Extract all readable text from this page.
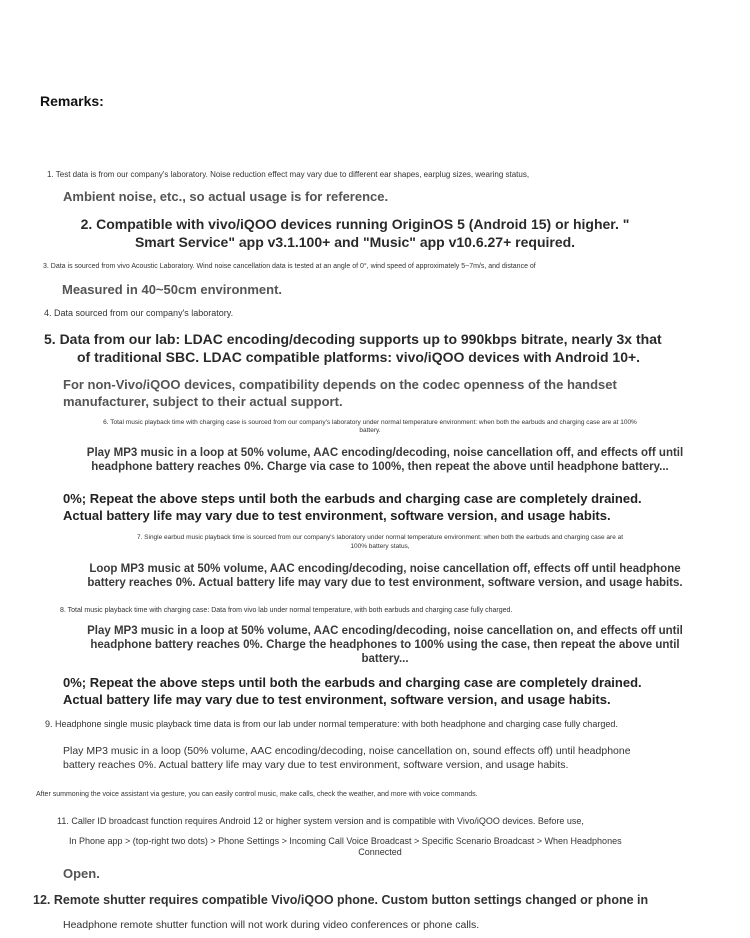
Remarks:

1. Test data is from our company's laboratory. Noise reduction effect may vary due to different ear shapes, earplug sizes, wearing status,

Ambient noise, etc., so actual usage is for reference.

2. Compatible with vivo/iQOO devices running OriginOS 5 (Android 15) or higher. "

Smart Service" app v3.1.100+ and "Music" app v10.6.27+ required.

3. Data is sourced from vivo Acoustic Laboratory. Wind noise cancellation data is tested at an angle of 0°, wind speed of approximately 5~7m/s, and distance of

Measured in 40~50cm environment.

4. Data sourced from our company's laboratory.

5. Data from our lab: LDAC encoding/decoding supports up to 990kbps bitrate, nearly 3x that

of traditional SBC. LDAC compatible platforms: vivo/iQOO devices with Android 10+.

For non-Vivo/iQOO devices, compatibility depends on the codec openness of the handset

manufacturer, subject to their actual support.

6. Total music playback time with charging case is sourced from our company's laboratory under normal temperature environment: when both the earbuds and charging case are at 100%

battery.

Play MP3 music in a loop at 50% volume, AAC encoding/decoding, noise cancellation off, and effects off until

headphone battery reaches 0%. Charge via case to 100%, then repeat the above until headphone battery...

0%; Repeat the above steps until both the earbuds and charging case are completely drained.

Actual battery life may vary due to test environment, software version, and usage habits.

7. Single earbud music playback time is sourced from our company's laboratory under normal temperature environment: when both the earbuds and charging case are at

100% battery status,

Loop MP3 music at 50% volume, AAC encoding/decoding, noise cancellation off, effects off until headphone

battery reaches 0%. Actual battery life may vary due to test environment, software version, and usage habits.

8. Total music playback time with charging case: Data from vivo lab under normal temperature, with both earbuds and charging case fully charged.

Play MP3 music in a loop at 50% volume, AAC encoding/decoding, noise cancellation on, and effects off until

headphone battery reaches 0%. Charge the headphones to 100% using the case, then repeat the above until

battery...

0%; Repeat the above steps until both the earbuds and charging case are completely drained.

Actual battery life may vary due to test environment, software version, and usage habits.

9. Headphone single music playback time data is from our lab under normal temperature: with both headphone and charging case fully charged.

Play MP3 music in a loop (50% volume, AAC encoding/decoding, noise cancellation on, sound effects off) until headphone

battery reaches 0%. Actual battery life may vary due to test environment, software version, and usage habits.

After summoning the voice assistant via gesture, you can easily control music, make calls, check the weather, and more with voice commands.

11. Caller ID broadcast function requires Android 12 or higher system version and is compatible with Vivo/iQOO devices. Before use,

In Phone app > (top-right two dots) > Phone Settings > Incoming Call Voice Broadcast > Specific Scenario Broadcast > When Headphones

Connected

Open.

12. Remote shutter requires compatible Vivo/iQOO phone. Custom button settings changed or phone in

Headphone remote shutter function will not work during video conferences or phone calls.
